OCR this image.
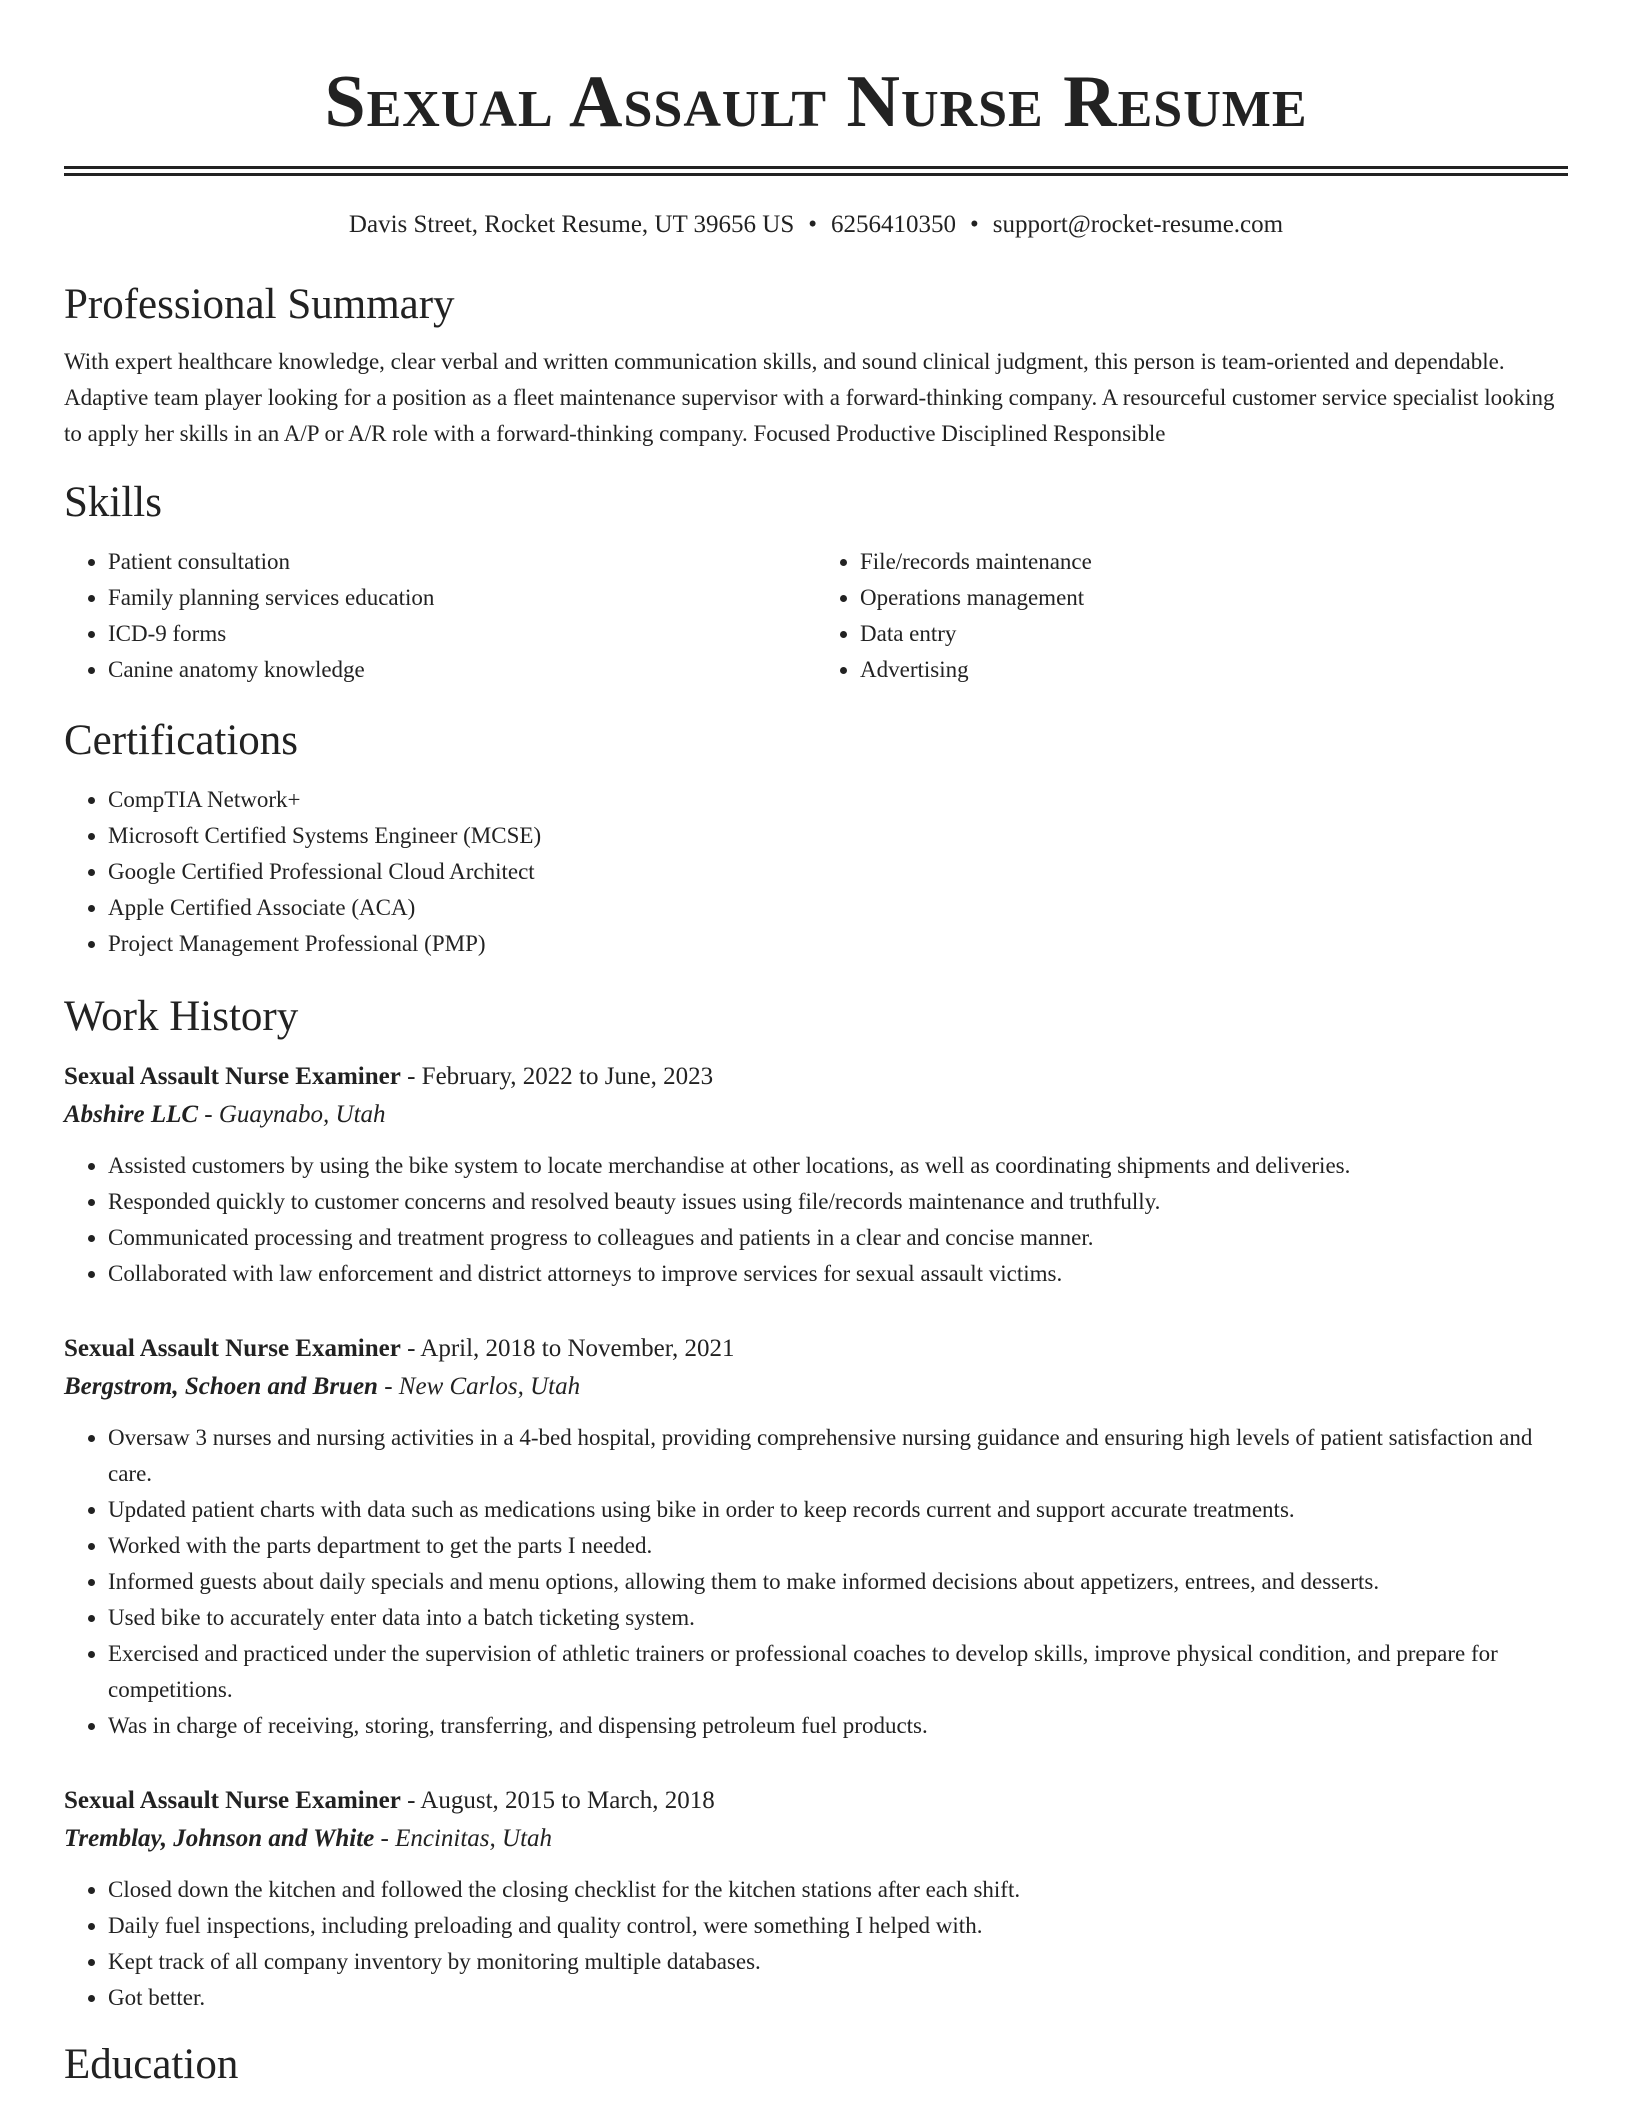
Sexual Assault Nurse Resume
Davis Street, Rocket Resume, UT 39656 US • 6256410350 • support@rocket-resume.com
Professional Summary

With expert healthcare knowledge, clear verbal and written communication skills, and sound clinical judgment, this person is team-oriented and dependable. Adaptive team player looking for a position as a fleet maintenance supervisor with a forward-thinking company. A resourceful customer service specialist looking to apply her skills in an A/P or A/R role with a forward-thinking company. Focused Productive Disciplined Responsible

Skills
• Patient consultation
• Family planning services education
• ICD-9 forms
• Canine anatomy knowledge
• File/records maintenance
• Operations management
• Data entry
• Advertising
Certifications
• CompTIA Network+
• Microsoft Certified Systems Engineer (MCSE)
• Google Certified Professional Cloud Architect
• Apple Certified Associate (ACA)
• Project Management Professional (PMP)
Work History
Sexual Assault Nurse Examiner - February, 2022 to June, 2023
Abshire LLC - Guaynabo, Utah
• Assisted customers by using the bike system to locate merchandise at other locations, as well as coordinating shipments and deliveries.
• Responded quickly to customer concerns and resolved beauty issues using file/records maintenance and truthfully.
• Communicated processing and treatment progress to colleagues and patients in a clear and concise manner.
• Collaborated with law enforcement and district attorneys to improve services for sexual assault victims.
Sexual Assault Nurse Examiner - April, 2018 to November, 2021
Bergstrom, Schoen and Bruen - New Carlos, Utah
• Oversaw 3 nurses and nursing activities in a 4-bed hospital, providing comprehensive nursing guidance and ensuring high levels of patient satisfaction and care.
• Updated patient charts with data such as medications using bike in order to keep records current and support accurate treatments.
• Worked with the parts department to get the parts I needed.
• Informed guests about daily specials and menu options, allowing them to make informed decisions about appetizers, entrees, and desserts.
• Used bike to accurately enter data into a batch ticketing system.
• Exercised and practiced under the supervision of athletic trainers or professional coaches to develop skills, improve physical condition, and prepare for competitions.
• Was in charge of receiving, storing, transferring, and dispensing petroleum fuel products.
Sexual Assault Nurse Examiner - August, 2015 to March, 2018
Tremblay, Johnson and White - Encinitas, Utah
• Closed down the kitchen and followed the closing checklist for the kitchen stations after each shift.
• Daily fuel inspections, including preloading and quality control, were something I helped with.
• Kept track of all company inventory by monitoring multiple databases.
• Got better.
Education
